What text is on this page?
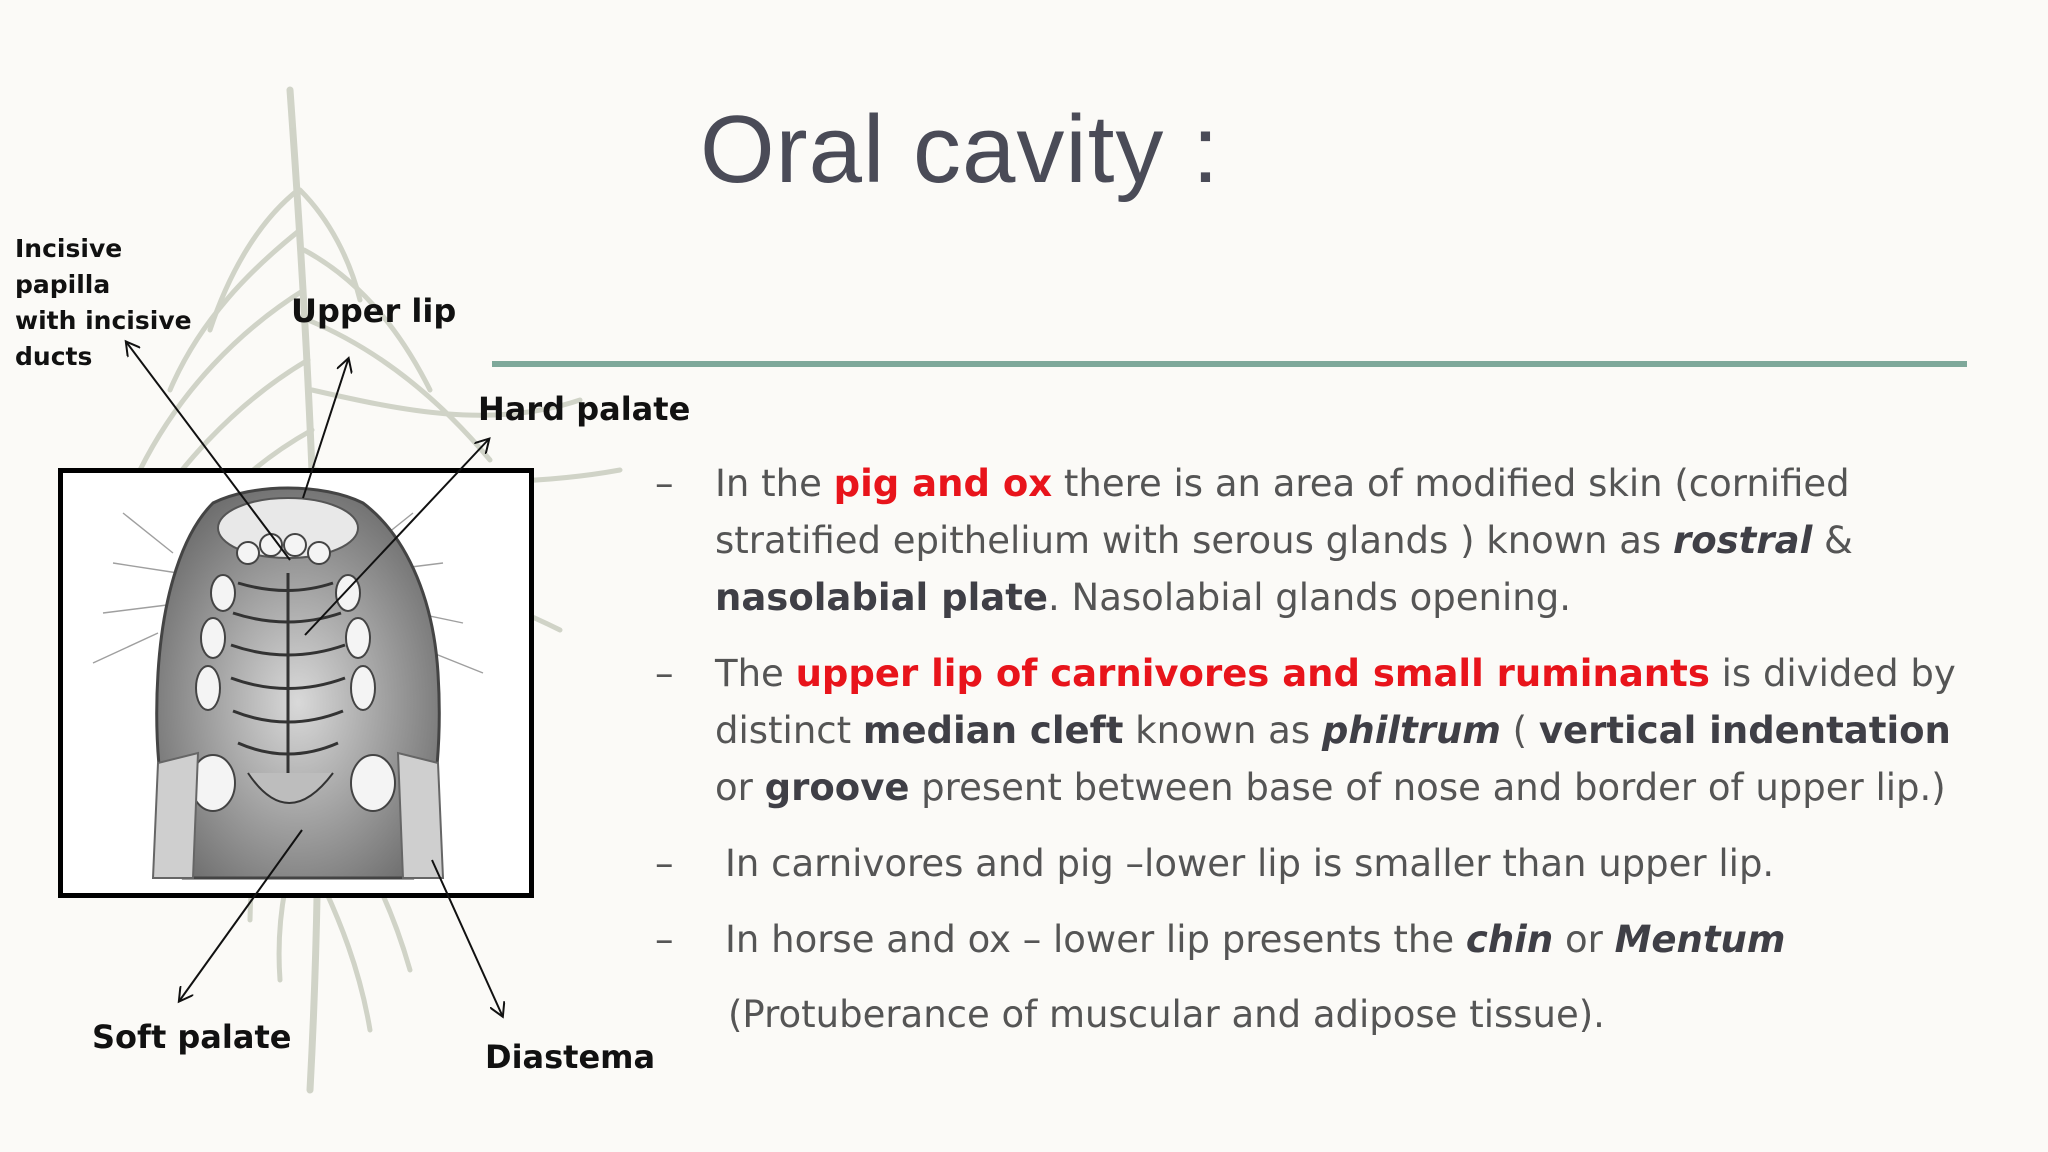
Oral cavity :
Incisive papilla
with incisive
ducts
Upper lip
Hard palate
Soft palate
Diastema
– In the pig and ox there is an area of modified skin (cornified stratified epithelium with serous glands ) known as rostral & nasolabial plate. Nasolabial glands opening.
– The upper lip of carnivores and small ruminants is divided by distinct median cleft known as philtrum ( vertical indentation or groove present between base of nose and border of upper lip.)
– In carnivores and pig –lower lip is smaller than upper lip.
– In horse and ox – lower lip presents the chin or Mentum
(Protuberance of muscular and adipose tissue).
